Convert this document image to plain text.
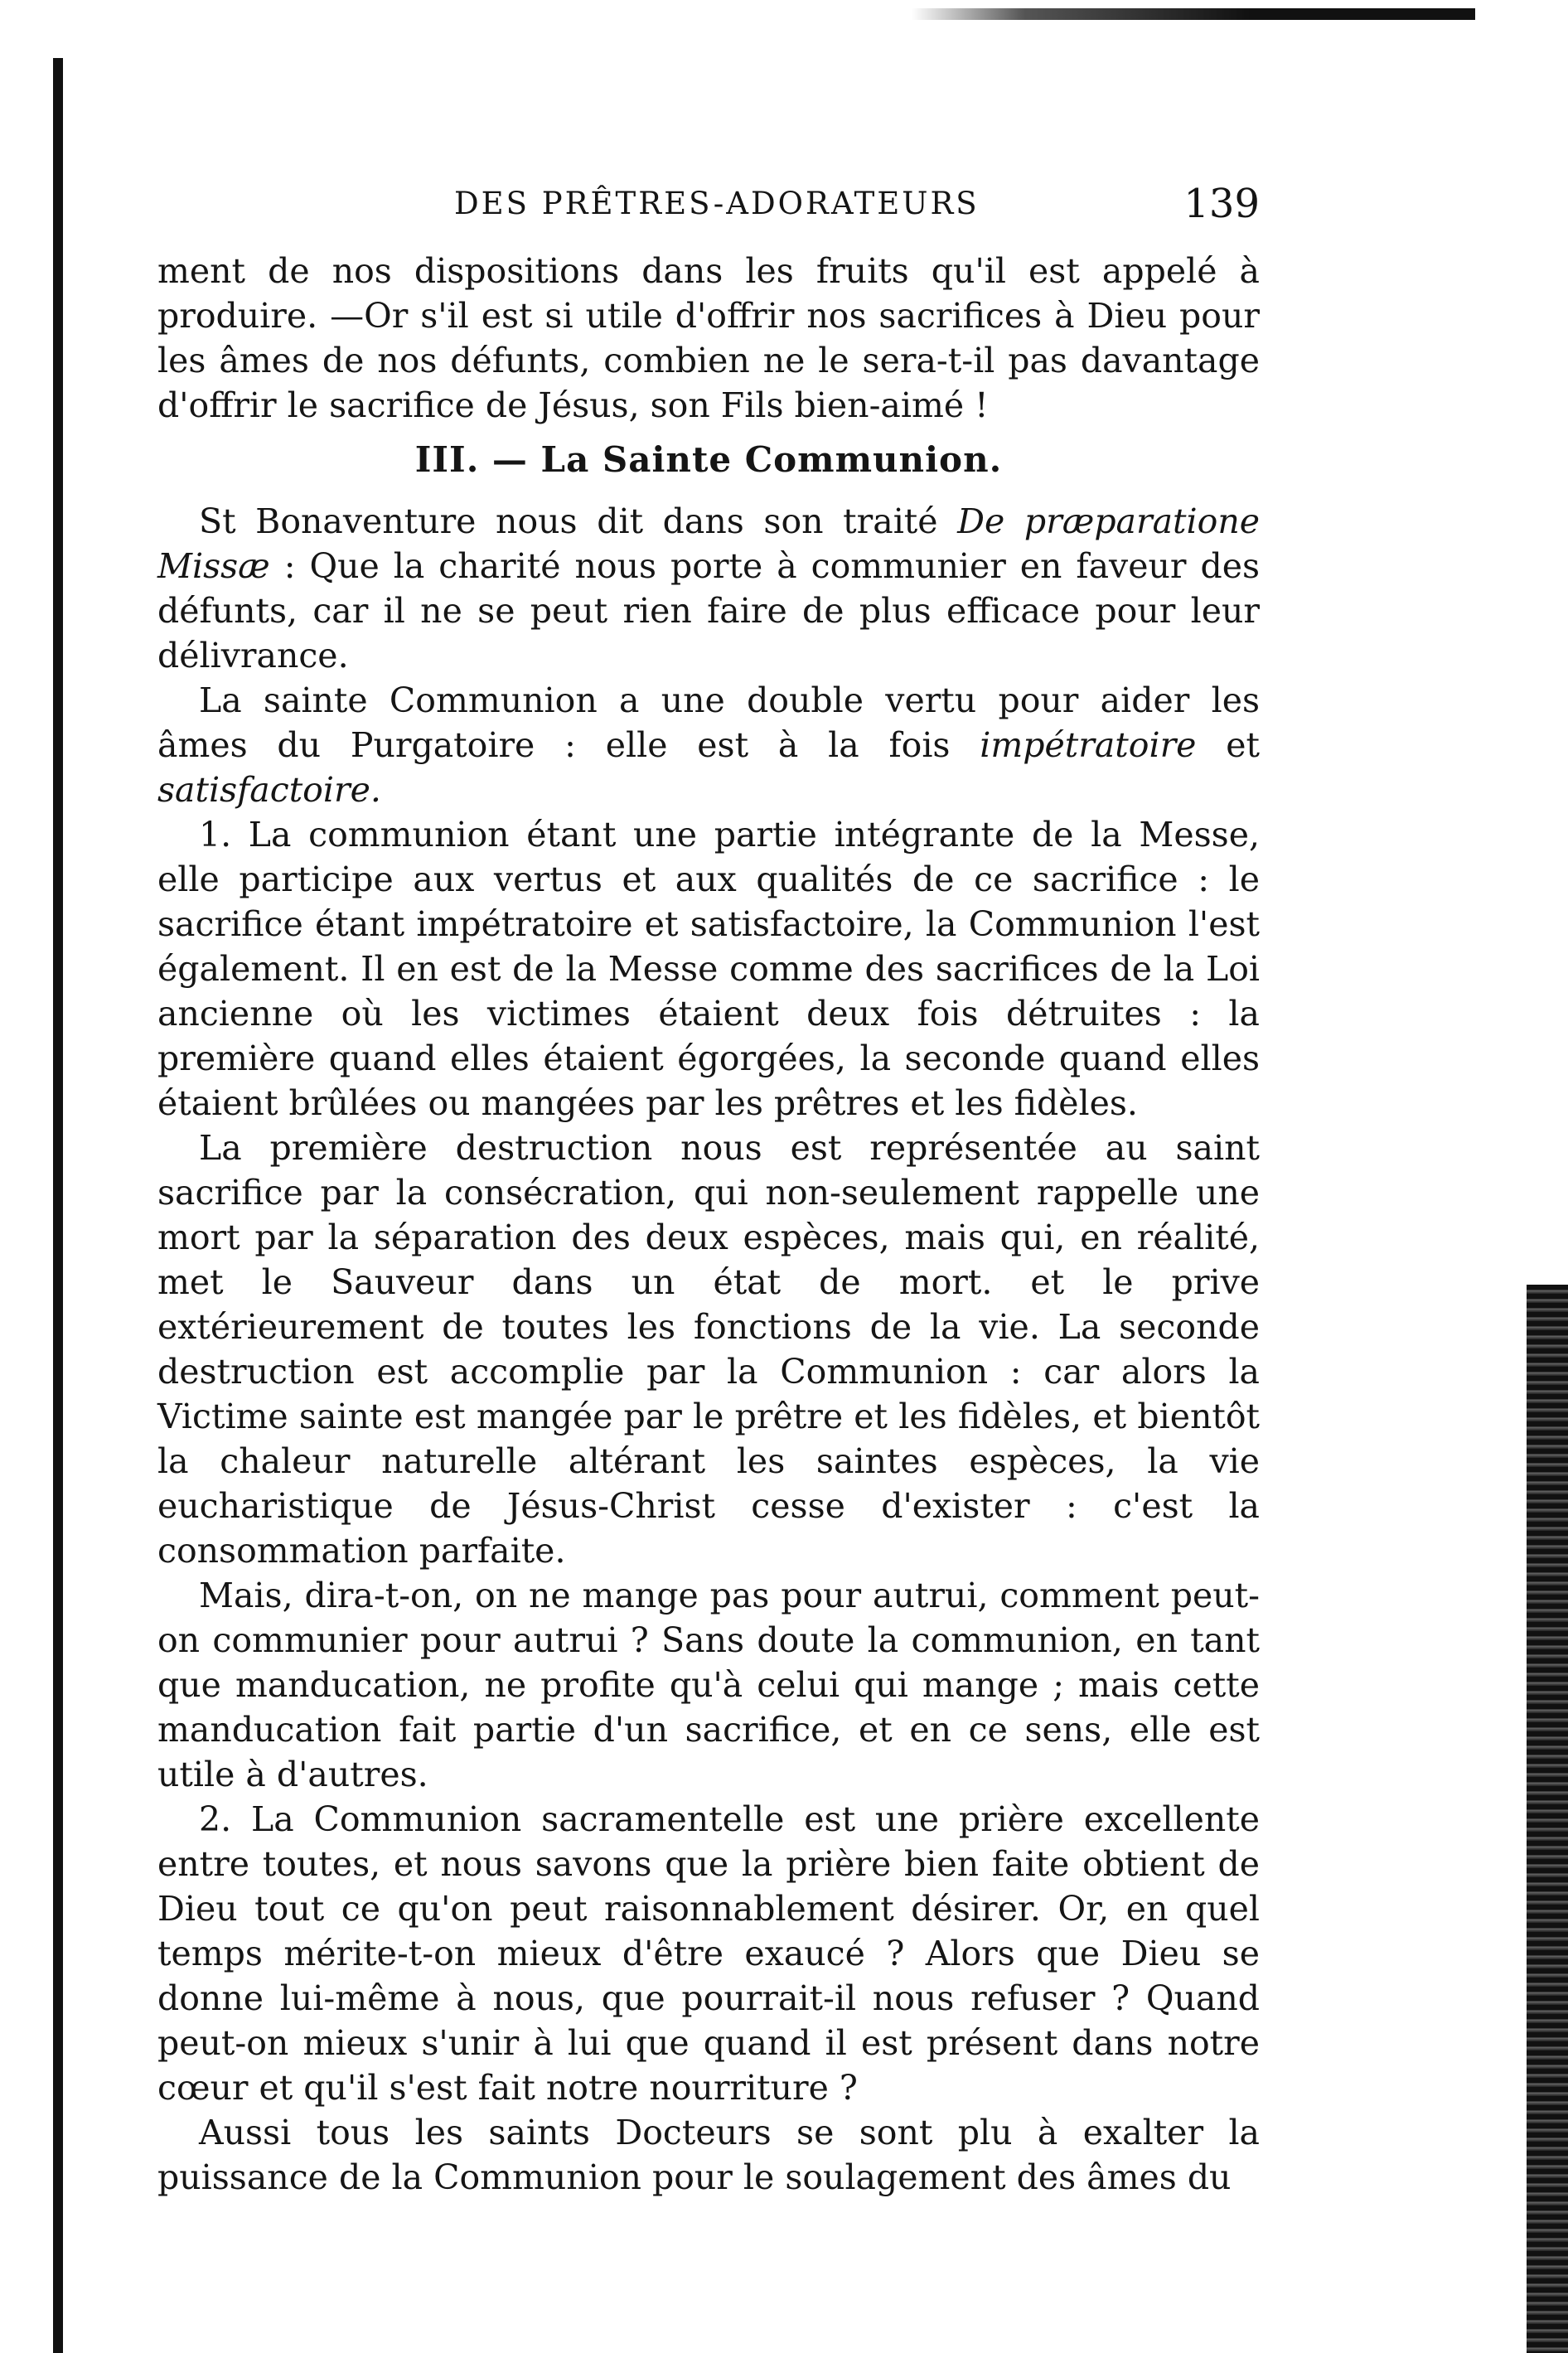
DES PRÊTRES-ADORATEURS	139

ment de nos dispositions dans les fruits qu'il est appelé à produire. —Or s'il est si utile d'offrir nos sacrifices à Dieu pour les âmes de nos défunts, combien ne le sera-t-il pas davantage d'offrir le sacrifice de Jésus, son Fils bien-aimé !

III. — La Sainte Communion.

St Bonaventure nous dit dans son traité De præparatione Missæ : Que la charité nous porte à communier en faveur des défunts, car il ne se peut rien faire de plus efficace pour leur délivrance.

La sainte Communion a une double vertu pour aider les âmes du Purgatoire : elle est à la fois impétratoire et satisfactoire.

1. La communion étant une partie intégrante de la Messe, elle participe aux vertus et aux qualités de ce sacrifice : le sacrifice étant impétratoire et satisfactoire, la Communion l'est également. Il en est de la Messe comme des sacrifices de la Loi ancienne où les victimes étaient deux fois détruites : la première quand elles étaient égorgées, la seconde quand elles étaient brûlées ou mangées par les prêtres et les fidèles.

La première destruction nous est représentée au saint sacrifice par la consécration, qui non-seulement rappelle une mort par la séparation des deux espèces, mais qui, en réalité, met le Sauveur dans un état de mort. et le prive extérieurement de toutes les fonctions de la vie. La seconde destruction est accomplie par la Communion : car alors la Victime sainte est mangée par le prêtre et les fidèles, et bientôt la chaleur naturelle altérant les saintes espèces, la vie eucharistique de Jésus-Christ cesse d'exister : c'est la consommation parfaite.

Mais, dira-t-on, on ne mange pas pour autrui, comment peut-on communier pour autrui ? Sans doute la communion, en tant que manducation, ne profite qu'à celui qui mange ; mais cette manducation fait partie d'un sacrifice, et en ce sens, elle est utile à d'autres.

2. La Communion sacramentelle est une prière excellente entre toutes, et nous savons que la prière bien faite obtient de Dieu tout ce qu'on peut raisonnablement désirer. Or, en quel temps mérite-t-on mieux d'être exaucé ? Alors que Dieu se donne lui-même à nous, que pourrait-il nous refuser ? Quand peut-on mieux s'unir à lui que quand il est présent dans notre cœur et qu'il s'est fait notre nourriture ?

Aussi tous les saints Docteurs se sont plu à exalter la puissance de la Communion pour le soulagement des âmes du
